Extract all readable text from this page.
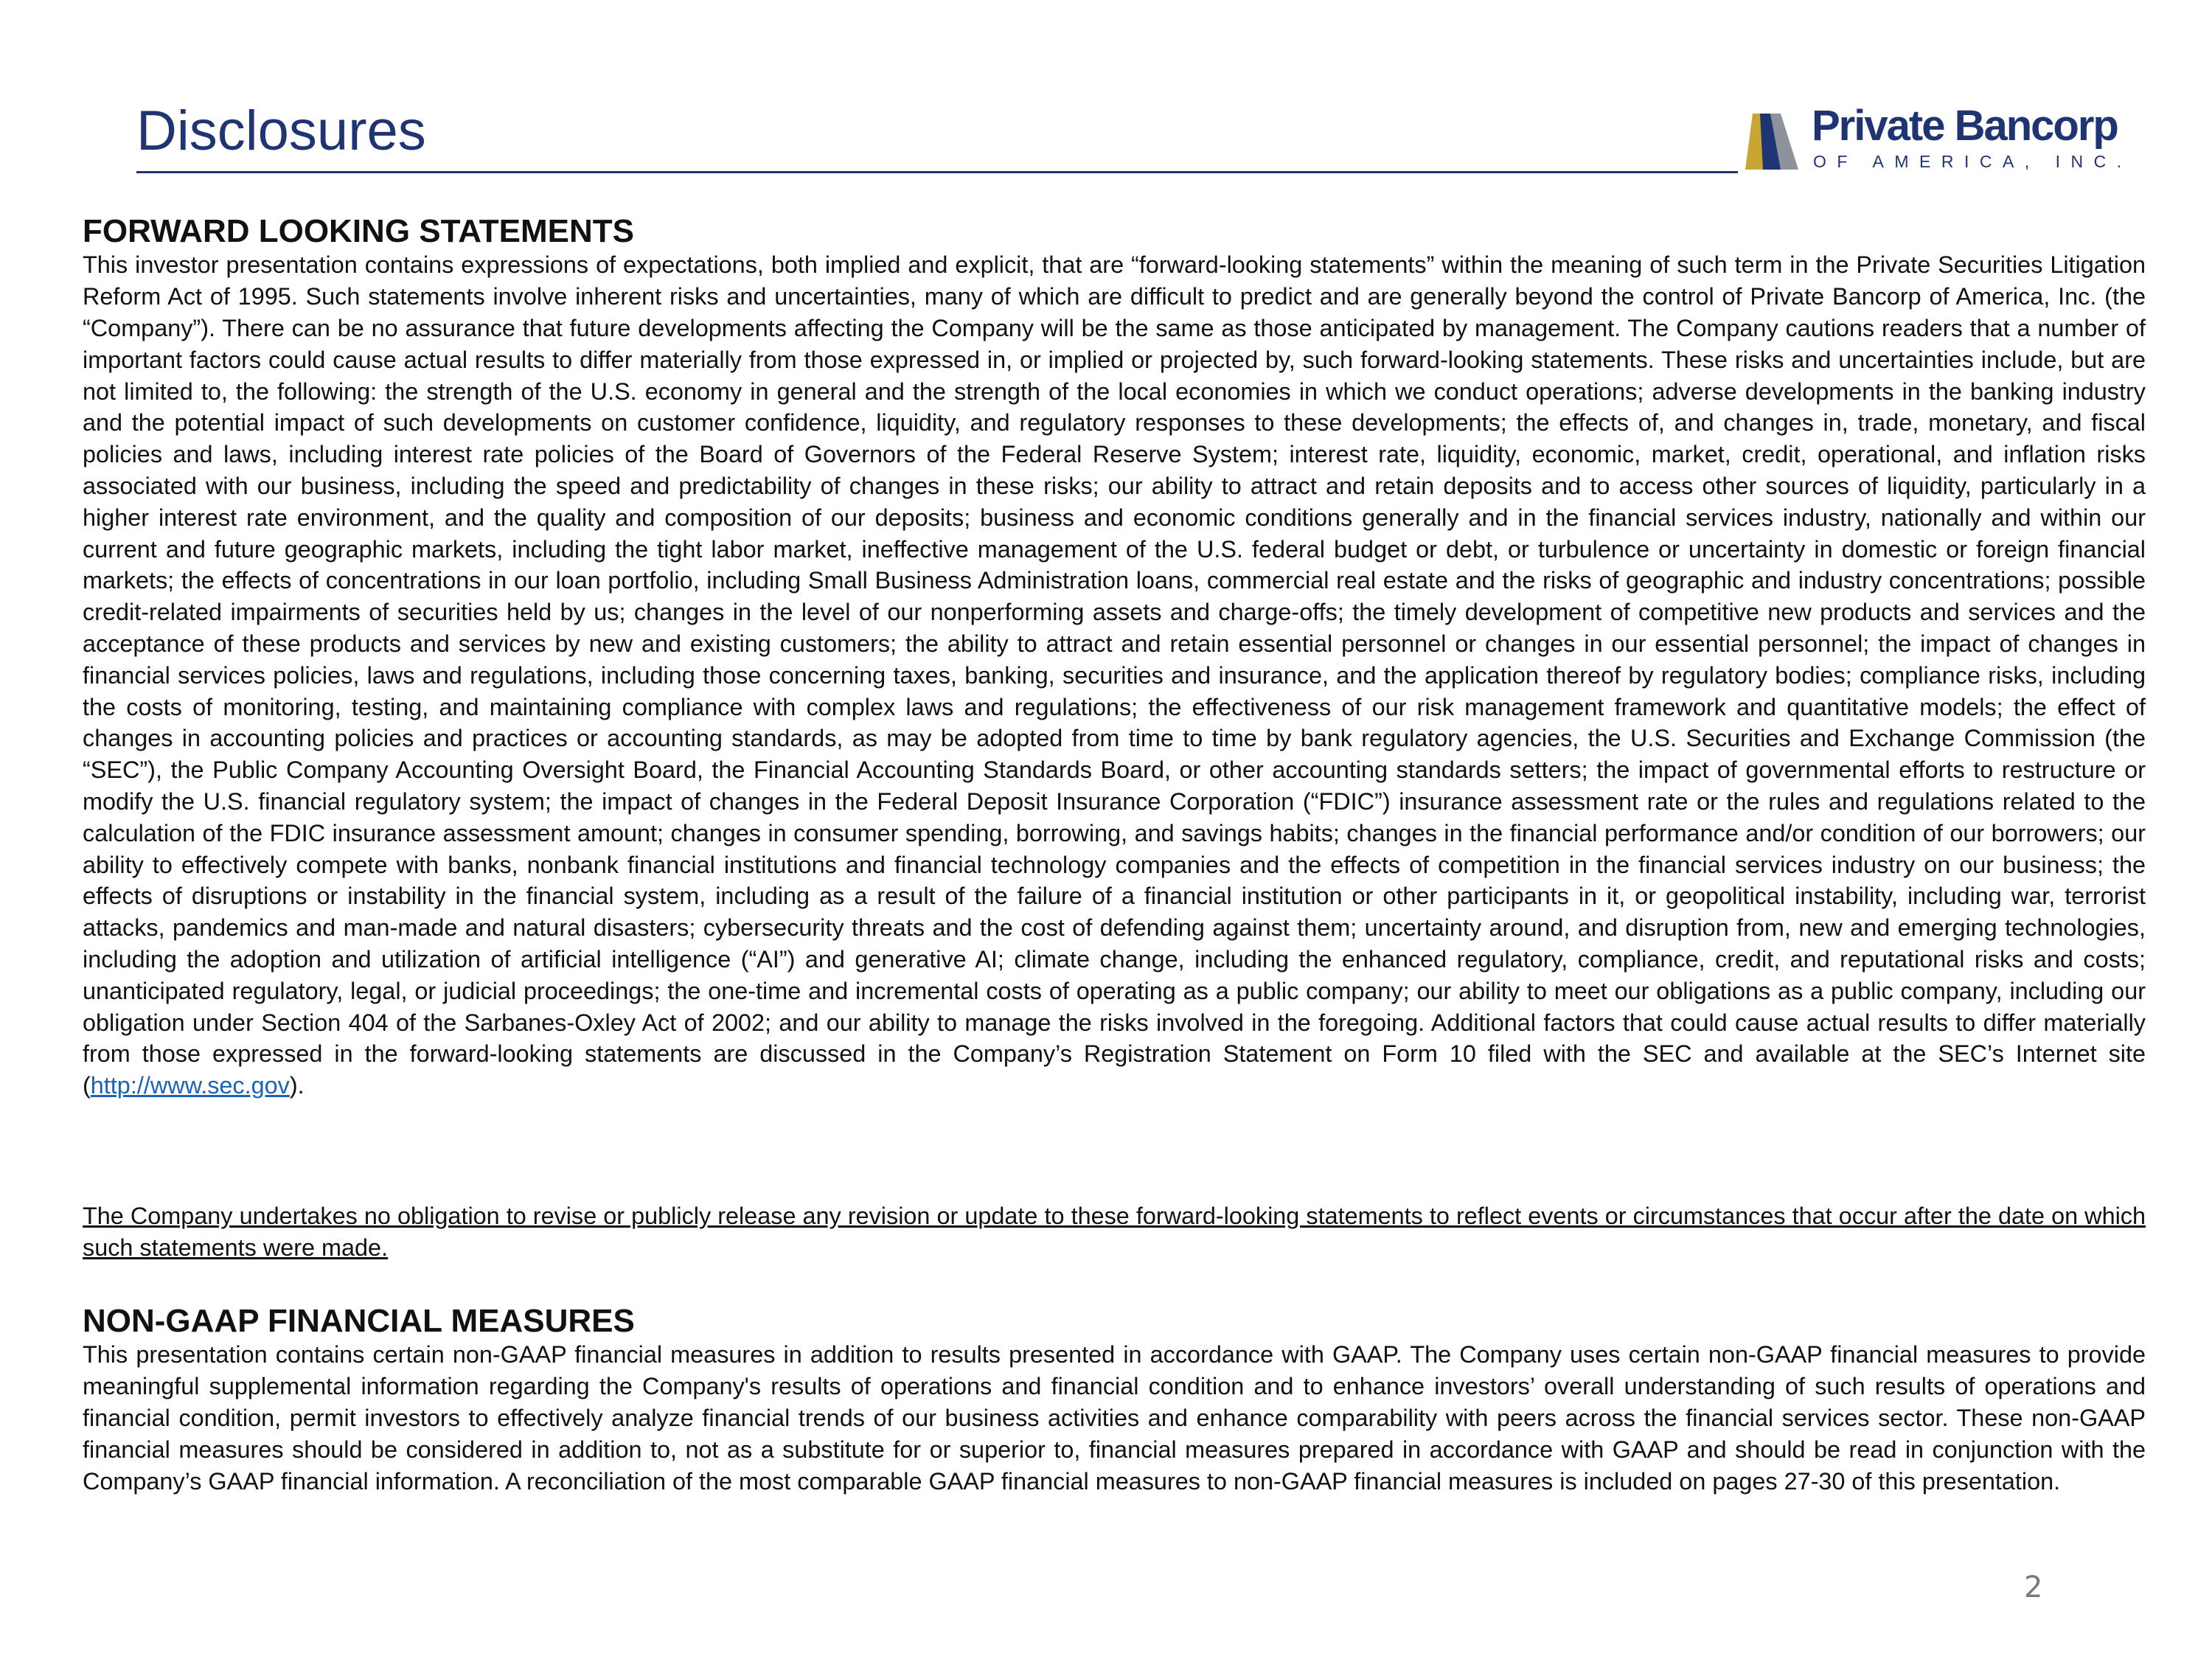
Disclosures	Private Bancorp
OF AMERICA, INC.
FORWARD LOOKING STATEMENTS

This investor presentation contains expressions of expectations, both implied and explicit, that are “forward-looking statements” within the meaning of such term in the Private Securities Litigation Reform Act of 1995. Such statements involve inherent risks and uncertainties, many of which are difficult to predict and are generally beyond the control of Private Bancorp of America, Inc. (the “Company”). There can be no assurance that future developments affecting the Company will be the same as those anticipated by management. The Company cautions readers that a number of important factors could cause actual results to differ materially from those expressed in, or implied or projected by, such forward-looking statements. These risks and uncertainties include, but are not limited to, the following: the strength of the U.S. economy in general and the strength of the local economies in which we conduct operations; adverse developments in the banking industry and the potential impact of such developments on customer confidence, liquidity, and regulatory responses to these developments; the effects of, and changes in, trade, monetary, and fiscal policies and laws, including interest rate policies of the Board of Governors of the Federal Reserve System; interest rate, liquidity, economic, market, credit, operational, and inflation risks associated with our business, including the speed and predictability of changes in these risks; our ability to attract and retain deposits and to access other sources of liquidity, particularly in a higher interest rate environment, and the quality and composition of our deposits; business and economic conditions generally and in the financial services industry, nationally and within our current and future geographic markets, including the tight labor market, ineffective management of the U.S. federal budget or debt, or turbulence or uncertainty in domestic or foreign financial markets; the effects of concentrations in our loan portfolio, including Small Business Administration loans, commercial real estate and the risks of geographic and industry concentrations; possible credit-related impairments of securities held by us; changes in the level of our nonperforming assets and charge-offs; the timely development of competitive new products and services and the acceptance of these products and services by new and existing customers; the ability to attract and retain essential personnel or changes in our essential personnel; the impact of changes in financial services policies, laws and regulations, including those concerning taxes, banking, securities and insurance, and the application thereof by regulatory bodies; compliance risks, including the costs of monitoring, testing, and maintaining compliance with complex laws and regulations; the effectiveness of our risk management framework and quantitative models; the effect of changes in accounting policies and practices or accounting standards, as may be adopted from time to time by bank regulatory agencies, the U.S. Securities and Exchange Commission (the “SEC”), the Public Company Accounting Oversight Board, the Financial Accounting Standards Board, or other accounting standards setters; the impact of governmental efforts to restructure or modify the U.S. financial regulatory system; the impact of changes in the Federal Deposit Insurance Corporation (“FDIC”) insurance assessment rate or the rules and regulations related to the calculation of the FDIC insurance assessment amount; changes in consumer spending, borrowing, and savings habits; changes in the financial performance and/or condition of our borrowers; our ability to effectively compete with banks, nonbank financial institutions and financial technology companies and the effects of competition in the financial services industry on our business; the effects of disruptions or instability in the financial system, including as a result of the failure of a financial institution or other participants in it, or geopolitical instability, including war, terrorist attacks, pandemics and man-made and natural disasters; cybersecurity threats and the cost of defending against them; uncertainty around, and disruption from, new and emerging technologies, including the adoption and utilization of artificial intelligence (“AI”) and generative AI; climate change, including the enhanced regulatory, compliance, credit, and reputational risks and costs; unanticipated regulatory, legal, or judicial proceedings; the one-time and incremental costs of operating as a public company; our ability to meet our obligations as a public company, including our obligation under Section 404 of the Sarbanes-Oxley Act of 2002; and our ability to manage the risks involved in the foregoing. Additional factors that could cause actual results to differ materially from those expressed in the forward-looking statements are discussed in the Company’s Registration Statement on Form 10 filed with the SEC and available at the SEC’s Internet site (http://www.sec.gov).

The Company undertakes no obligation to revise or publicly release any revision or update to these forward-looking statements to reflect events or circumstances that occur after the date on which such statements were made.

NON-GAAP FINANCIAL MEASURES

This presentation contains certain non-GAAP financial measures in addition to results presented in accordance with GAAP. The Company uses certain non-GAAP financial measures to provide meaningful supplemental information regarding the Company's results of operations and financial condition and to enhance investors’ overall understanding of such results of operations and financial condition, permit investors to effectively analyze financial trends of our business activities and enhance comparability with peers across the financial services sector. These non-GAAP financial measures should be considered in addition to, not as a substitute for or superior to, financial measures prepared in accordance with GAAP and should be read in conjunction with the Company’s GAAP financial information. A reconciliation of the most comparable GAAP financial measures to non-GAAP financial measures is included on pages 27-30 of this presentation.

2
